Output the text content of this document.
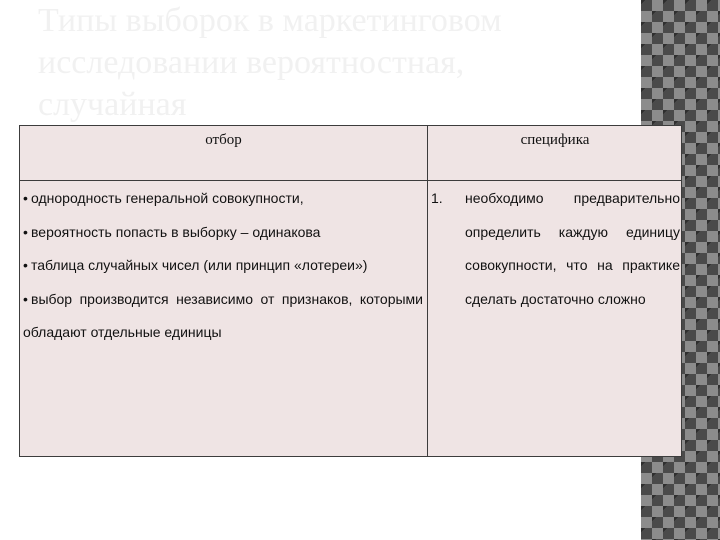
Типы выборок в маркетинговом исследовании вероятностная, случайная
отбор	специфика
• однородность генеральной совокупности,
• вероятность попасть в выборку – одинакова
• таблица случайных чисел (или принцип «лотереи»)
• выбор производится независимо от признаков, которыми обладают отдельные единицы
1.	необходимо предварительно определить каждую единицу совокупности, что на практике сделать достаточно сложно
